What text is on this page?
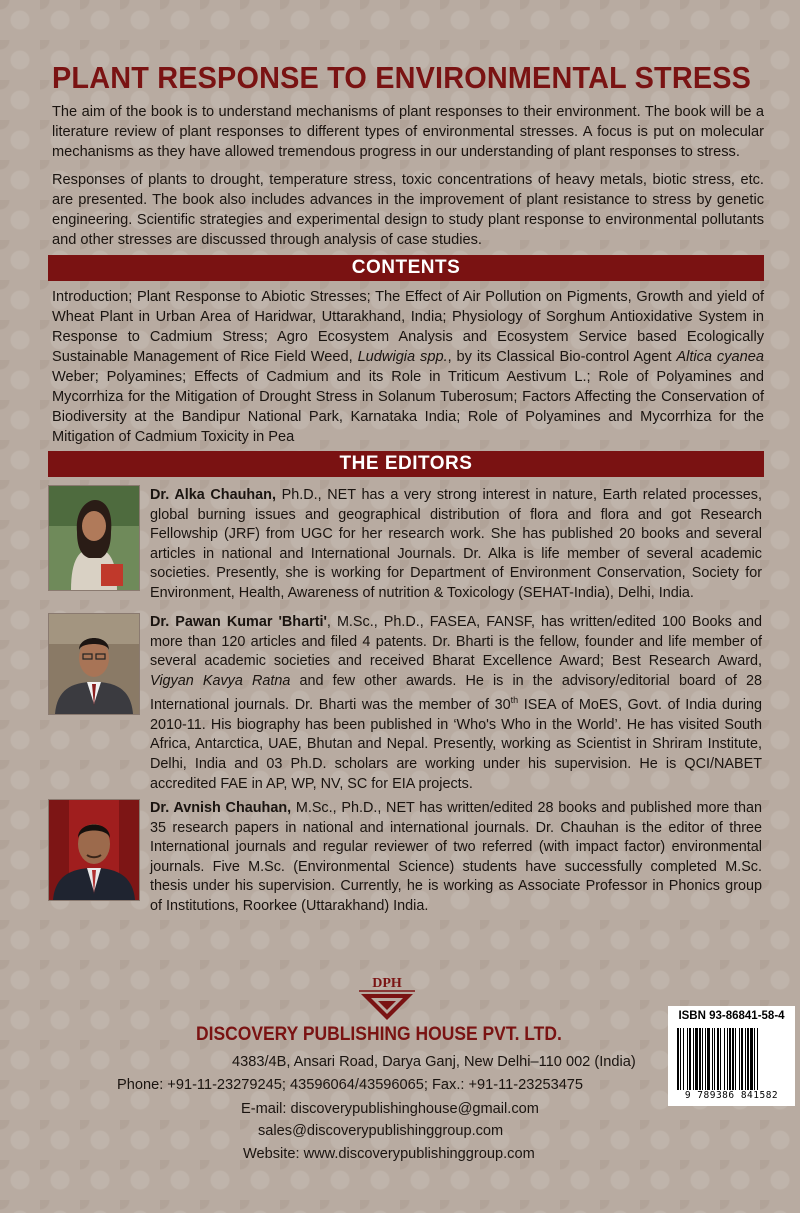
PLANT RESPONSE TO ENVIRONMENTAL STRESS

The aim of the book is to understand mechanisms of plant responses to their environment. The book will be a literature review of plant responses to different types of environmental stresses. A focus is put on molecular mechanisms as they have allowed tremendous progress in our understanding of plant responses to stress.

Responses of plants to drought, temperature stress, toxic concentrations of heavy metals, biotic stress, etc. are presented. The book also includes advances in the improvement of plant resistance to stress by genetic engineering. Scientific strategies and experimental design to study plant response to environmental pollutants and other stresses are discussed through analysis of case studies.

CONTENTS

Introduction; Plant Response to Abiotic Stresses; The Effect of Air Pollution on Pigments, Growth and yield of Wheat Plant in Urban Area of Haridwar, Uttarakhand, India; Physiology of Sorghum Antioxidative System in Response to Cadmium Stress; Agro Ecosystem Analysis and Ecosystem Service based Ecologically Sustainable Management of Rice Field Weed, Ludwigia spp., by its Classical Bio-control Agent Altica cyanea Weber; Polyamines; Effects of Cadmium and its Role in Triticum Aestivum L.; Role of Polyamines and Mycorrhiza for the Mitigation of Drought Stress in Solanum Tuberosum; Factors Affecting the Conservation of Biodiversity at the Bandipur National Park, Karnataka India; Role of Polyamines and Mycorrhiza for the Mitigation of Cadmium Toxicity in Pea

THE EDITORS

Dr. Alka Chauhan, Ph.D., NET has a very strong interest in nature, Earth related processes, global burning issues and geographical distribution of flora and flora and got Research Fellowship (JRF) from UGC for her research work. She has published 20 books and several articles in national and International Journals. Dr. Alka is life member of several academic societies. Presently, she is working for Department of Environment Conservation, Society for Environment, Health, Awareness of nutrition & Toxicology (SEHAT-India), Delhi, India.

Dr. Pawan Kumar 'Bharti', M.Sc., Ph.D., FASEA, FANSF, has written/edited 100 Books and more than 120 articles and filed 4 patents. Dr. Bharti is the fellow, founder and life member of several academic societies and received Bharat Excellence Award; Best Research Award, Vigyan Kavya Ratna and few other awards. He is in the advisory/editorial board of 28 International journals. Dr. Bharti was the member of 30th ISEA of MoES, Govt. of India during 2010-11. His biography has been published in ‘Who's Who in the World’. He has visited South Africa, Antarctica, UAE, Bhutan and Nepal. Presently, working as Scientist in Shriram Institute, Delhi, India and 03 Ph.D. scholars are working under his supervision. He is QCI/NABET accredited FAE in AP, WP, NV, SC for EIA projects.

Dr. Avnish Chauhan, M.Sc., Ph.D., NET has written/edited 28 books and published more than 35 research papers in national and international journals. Dr. Chauhan is the editor of three International journals and regular reviewer of two referred (with impact factor) environmental journals. Five M.Sc. (Environmental Science) students have successfully completed M.Sc. thesis under his supervision. Currently, he is working as Associate Professor in Phonics group of Institutions, Roorkee (Uttarakhand) India.

DPH
DISCOVERY PUBLISHING HOUSE PVT. LTD.
4383/4B, Ansari Road, Darya Ganj, New Delhi–110 002 (India)
Phone: +91-11-23279245; 43596064/43596065; Fax.: +91-11-23253475
E-mail: discoverypublishinghouse@gmail.com
sales@discoverypublishinggroup.com
Website: www.discoverypublishinggroup.com
ISBN 93-86841-58-4
9 789386 841582
